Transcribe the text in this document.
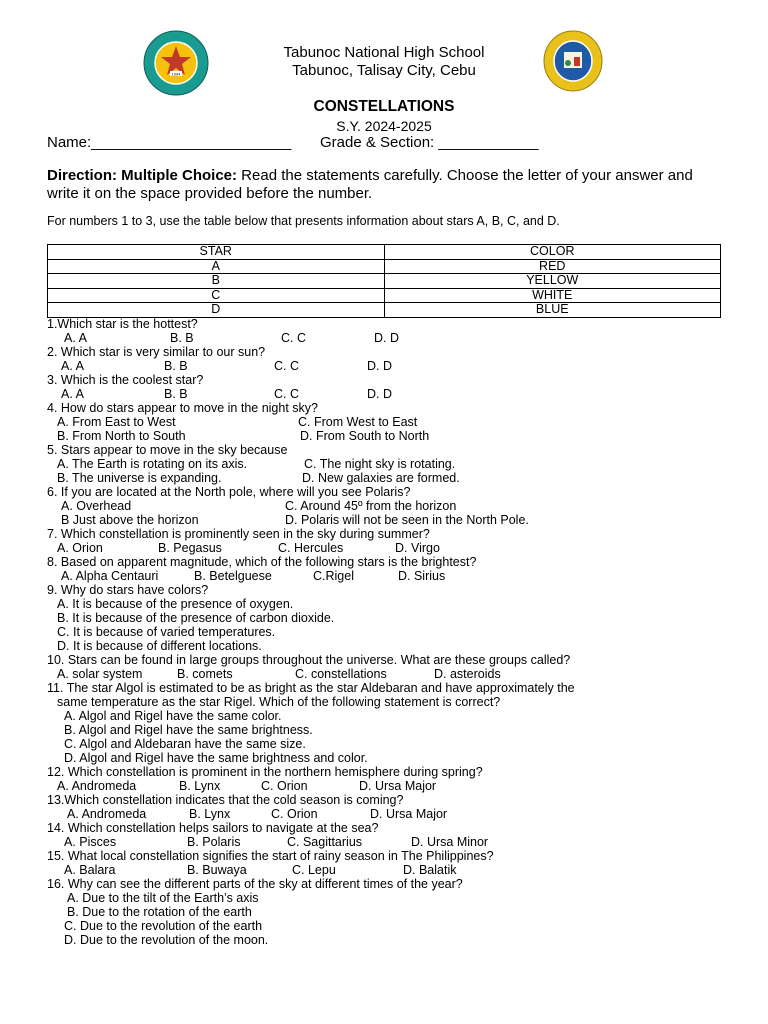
1994
Tabunoc National High School
Tabunoc, Talisay City, Cebu
CONSTELLATIONS
S.Y. 2024-2025
Name:________________________ Grade & Section: ____________
Direction: Multiple Choice: Read the statements carefully. Choose the letter of your answer and write it on the space provided before the number.
For numbers 1 to 3, use the table below that presents information about stars A, B, C, and D.
STAR	COLOR
A	RED
B	YELLOW
C	WHITE
D	BLUE
1.Which star is the hottest?
A. A	B. B	C. C	D. D
2. Which star is very similar to our sun?
A. A	B. B	C. C	D. D
3. Which is the coolest star?
A. A	B. B	C. C	D. D
4. How do stars appear to move in the night sky?
A. From East to West	C. From West to East
B. From North to South	D. From South to North
5. Stars appear to move in the sky because
A. The Earth is rotating on its axis.	C. The night sky is rotating.
B. The universe is expanding.	D. New galaxies are formed.
6. If you are located at the North pole, where will you see Polaris?
A. Overhead	C. Around 45º from the horizon
B Just above the horizon	D. Polaris will not be seen in the North Pole.
7. Which constellation is prominently seen in the sky during summer?
A. Orion	B. Pegasus	C. Hercules	D. Virgo
8. Based on apparent magnitude, which of the following stars is the brightest?
A. Alpha Centauri	B. Betelguese	C.Rigel	D. Sirius
9. Why do stars have colors?
A. It is because of the presence of oxygen.
B. It is because of the presence of carbon dioxide.
C. It is because of varied temperatures.
D. It is because of different locations.
10. Stars can be found in large groups throughout the universe. What are these groups called?
A. solar system	B. comets	C. constellations	D. asteroids
11. The star Algol is estimated to be as bright as the star Aldebaran and have approximately the
same temperature as the star Rigel. Which of the following statement is correct?
A. Algol and Rigel have the same color.
B. Algol and Rigel have the same brightness.
C. Algol and Aldebaran have the same size.
D. Algol and Rigel have the same brightness and color.
12. Which constellation is prominent in the northern hemisphere during spring?
A. Andromeda	B. Lynx	C. Orion	D. Ursa Major
13.Which constellation indicates that the cold season is coming?
A. Andromeda	B. Lynx	C. Orion	D. Ursa Major
14. Which constellation helps sailors to navigate at the sea?
A. Pisces	B. Polaris	C. Sagittarius	D. Ursa Minor
15. What local constellation signifies the start of rainy season in The Philippines?
A. Balara	B. Buwaya	C. Lepu	D. Balatik
16. Why can see the different parts of the sky at different times of the year?
A. Due to the tilt of the Earth’s axis
B. Due to the rotation of the earth
C. Due to the revolution of the earth
D. Due to the revolution of the moon.
